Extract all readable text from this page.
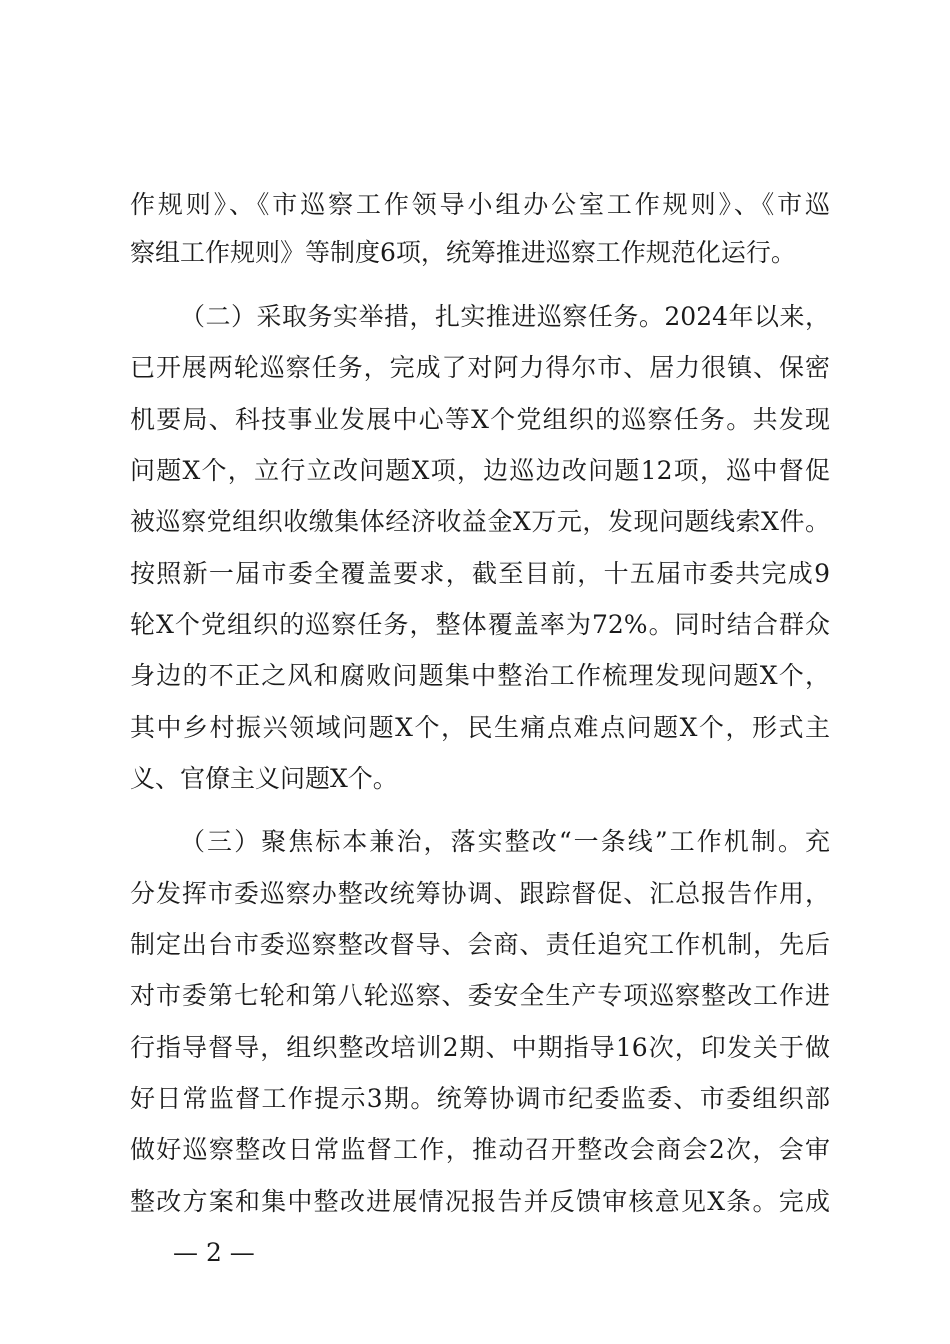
作规则》、《市巡察工作领导小组办公室工作规则》、《市巡
察组工作规则》等制度6项，统筹推进巡察工作规范化运行。
（二）采取务实举措，扎实推进巡察任务。2024年以来，
已开展两轮巡察任务，完成了对阿力得尔市、居力很镇、保密
机要局、科技事业发展中心等X个党组织的巡察任务。共发现
问题X个，立行立改问题X项，边巡边改问题12项，巡中督促
被巡察党组织收缴集体经济收益金X万元，发现问题线索X件。
按照新一届市委全覆盖要求，截至目前，十五届市委共完成9
轮X个党组织的巡察任务，整体覆盖率为72%。同时结合群众
身边的不正之风和腐败问题集中整治工作梳理发现问题X个，
其中乡村振兴领域问题X个，民生痛点难点问题X个，形式主
义、官僚主义问题X个。
（三）聚焦标本兼治，落实整改“一条线”工作机制。充
分发挥市委巡察办整改统筹协调、跟踪督促、汇总报告作用，
制定出台市委巡察整改督导、会商、责任追究工作机制，先后
对市委第七轮和第八轮巡察、委安全生产专项巡察整改工作进
行指导督导，组织整改培训2期、中期指导16次，印发关于做
好日常监督工作提示3期。统筹协调市纪委监委、市委组织部
做好巡察整改日常监督工作，推动召开整改会商会2次，会审
整改方案和集中整改进展情况报告并反馈审核意见X条。完成
— 2 —
